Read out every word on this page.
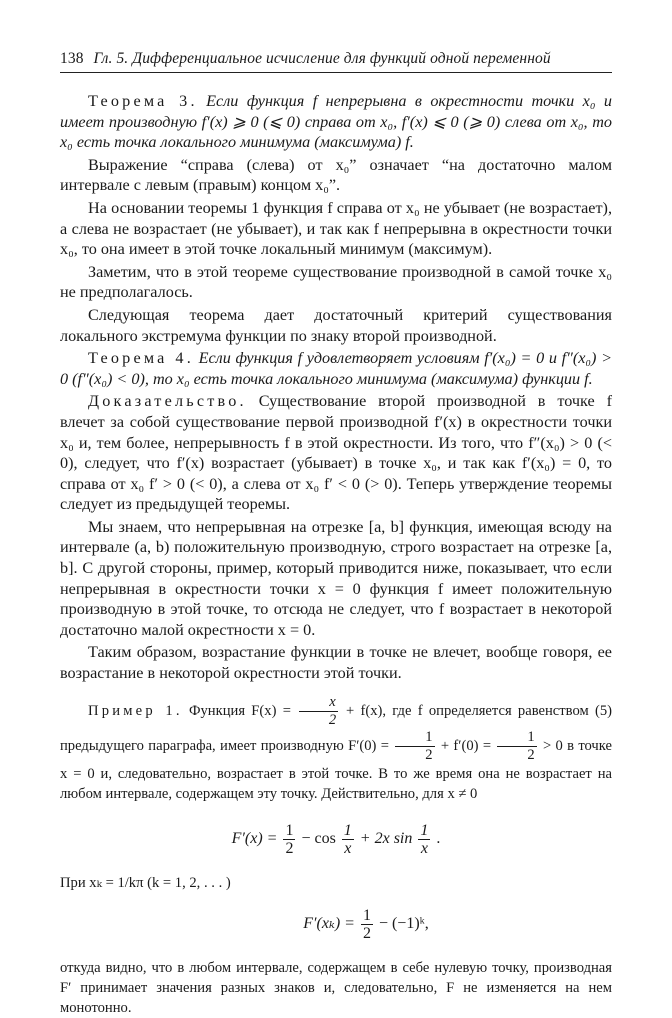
138 Гл. 5. Дифференциальное исчисление для функций одной переменной

Теорема 3. Если функция f непрерывна в окрестности точки x₀ и имеет производную f′(x) ⩾ 0 (⩽ 0) справа от x₀, f′(x) ⩽ 0 (⩾ 0) слева от x₀, то x₀ есть точка локального минимума (максимума) f.

Выражение “справа (слева) от x₀” означает “на достаточно малом интервале с левым (правым) концом x₀”.

На основании теоремы 1 функция f справа от x₀ не убывает (не возрастает), а слева не возрастает (не убывает), и так как f непрерывна в окрестности точки x₀, то она имеет в этой точке локальный минимум (максимум).

Заметим, что в этой теореме существование производной в самой точке x₀ не предполагалось.

Следующая теорема дает достаточный критерий существования локального экстремума функции по знаку второй производной.

Теорема 4. Если функция f удовлетворяет условиям f′(x₀) = 0 и f″(x₀) > 0 (f″(x₀) < 0), то x₀ есть точка локального минимума (максимума) функции f.

Доказательство. Существование второй производной в точке f влечет за собой существование первой производной f′(x) в окрестности точки x₀ и, тем более, непрерывность f в этой окрестности. Из того, что f″(x₀) > 0 (< 0), следует, что f′(x) возрастает (убывает) в точке x₀, и так как f′(x₀) = 0, то справа от x₀ f′ > 0 (< 0), а слева от x₀ f′ < 0 (> 0). Теперь утверждение теоремы следует из предыдущей теоремы.

Мы знаем, что непрерывная на отрезке [a, b] функция, имеющая всюду на интервале (a, b) положительную производную, строго возрастает на отрезке [a, b]. С другой стороны, пример, который приводится ниже, показывает, что если непрерывная в окрестности точки x = 0 функция f имеет положительную производную в этой точке, то отсюда не следует, что f возрастает в некоторой достаточно малой окрестности x = 0.

Таким образом, возрастание функции в точке не влечет, вообще говоря, ее возрастание в некоторой окрестности этой точки.

Пример 1. Функция $F(x) = \frac{x}{2} + f(x)$, где f определяется равенством (5) предыдущего параграфа, имеет производную $F'(0) = \frac{1}{2} + f'(0) = \frac{1}{2} > 0$ в точке x = 0 и, следовательно, возрастает в этой точке. В то же время она не возрастает на любом интервале, содержащем эту точку. Действительно, для x ≠ 0

$F'(x) = \frac{1}{2} - \cos \frac{1}{x} + 2x$ $\sin \frac{1}{x}$ .

При xₖ = 1/kπ (k = 1, 2, . . . )

$F'(x_k) = \frac{1}{2}$ − (−1)ᵏ,

откуда видно, что в любом интервале, содержащем в себе нулевую точку, производная F′ принимает значения разных знаков и, следовательно, F не изменяется на нем монотонно.
